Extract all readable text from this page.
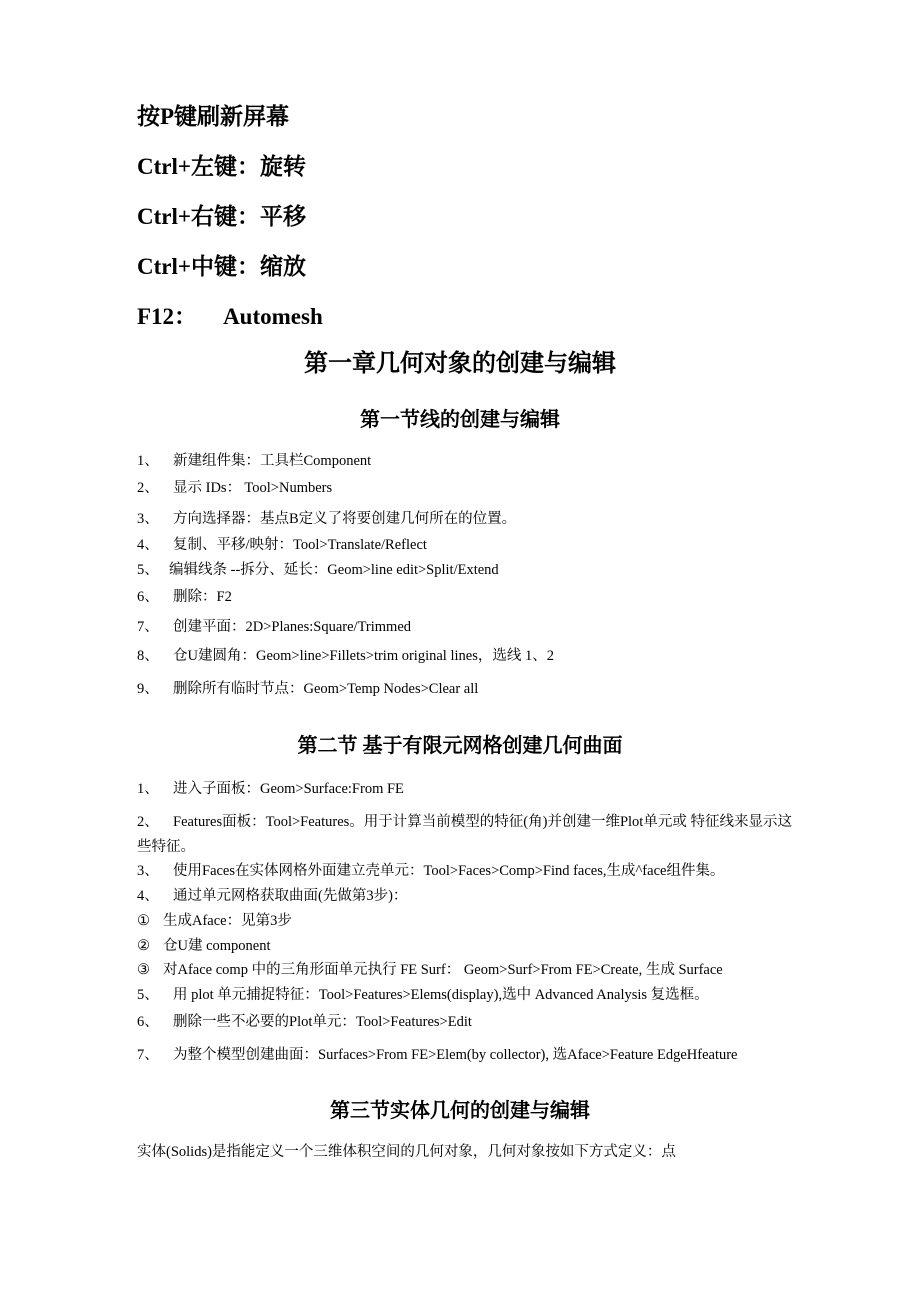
按P键刷新屏幕
Ctrl+左键：旋转
Ctrl+右键：平移
Ctrl+中键：缩放
F12： Automesh
第一章几何对象的创建与编辑
第一节线的创建与编辑
1、 新建组件集：工具栏Component
2、 显示 IDs： Tool>Numbers
3、 方向选择器：基点B定义了将要创建几何所在的位置。
4、 复制、平移/映射：Tool>Translate/Reflect
5、 编辑线条 --拆分、延长：Geom>line edit>Split/Extend
6、 删除：F2
7、 创建平面：2D>Planes:Square/Trimmed
8、 仓U建圆角：Geom>line>Fillets>trim original lines，选线 1、2
9、 删除所有临时节点：Geom>Temp Nodes>Clear all
第二节 基于有限元网格创建几何曲面
1、 进入子面板：Geom>Surface:From FE
2、 Features面板：Tool>Features。用于计算当前模型的特征(角)并创建一维Plot单元或 特征线来显示这些特征。
3、 使用Faces在实体网格外面建立壳单元：Tool>Faces>Comp>Find faces,生成^face组件集。
4、 通过单元网格获取曲面(先做第3步)：
① 生成Aface：见第3步
② 仓U建 component
③ 对Aface comp 中的三角形面单元执行 FE Surf： Geom>Surf>From FE>Create, 生成 Surface
5、 用 plot 单元捕捉特征：Tool>Features>Elems(display),选中 Advanced Analysis 复选框。
6、 删除一些不必要的Plot单元：Tool>Features>Edit
7、 为整个模型创建曲面：Surfaces>From FE>Elem(by collector), 选Aface>Feature EdgeHfeature
第三节实体几何的创建与编辑
实体(Solids)是指能定义一个三维体积空间的几何对象，几何对象按如下方式定义：点
